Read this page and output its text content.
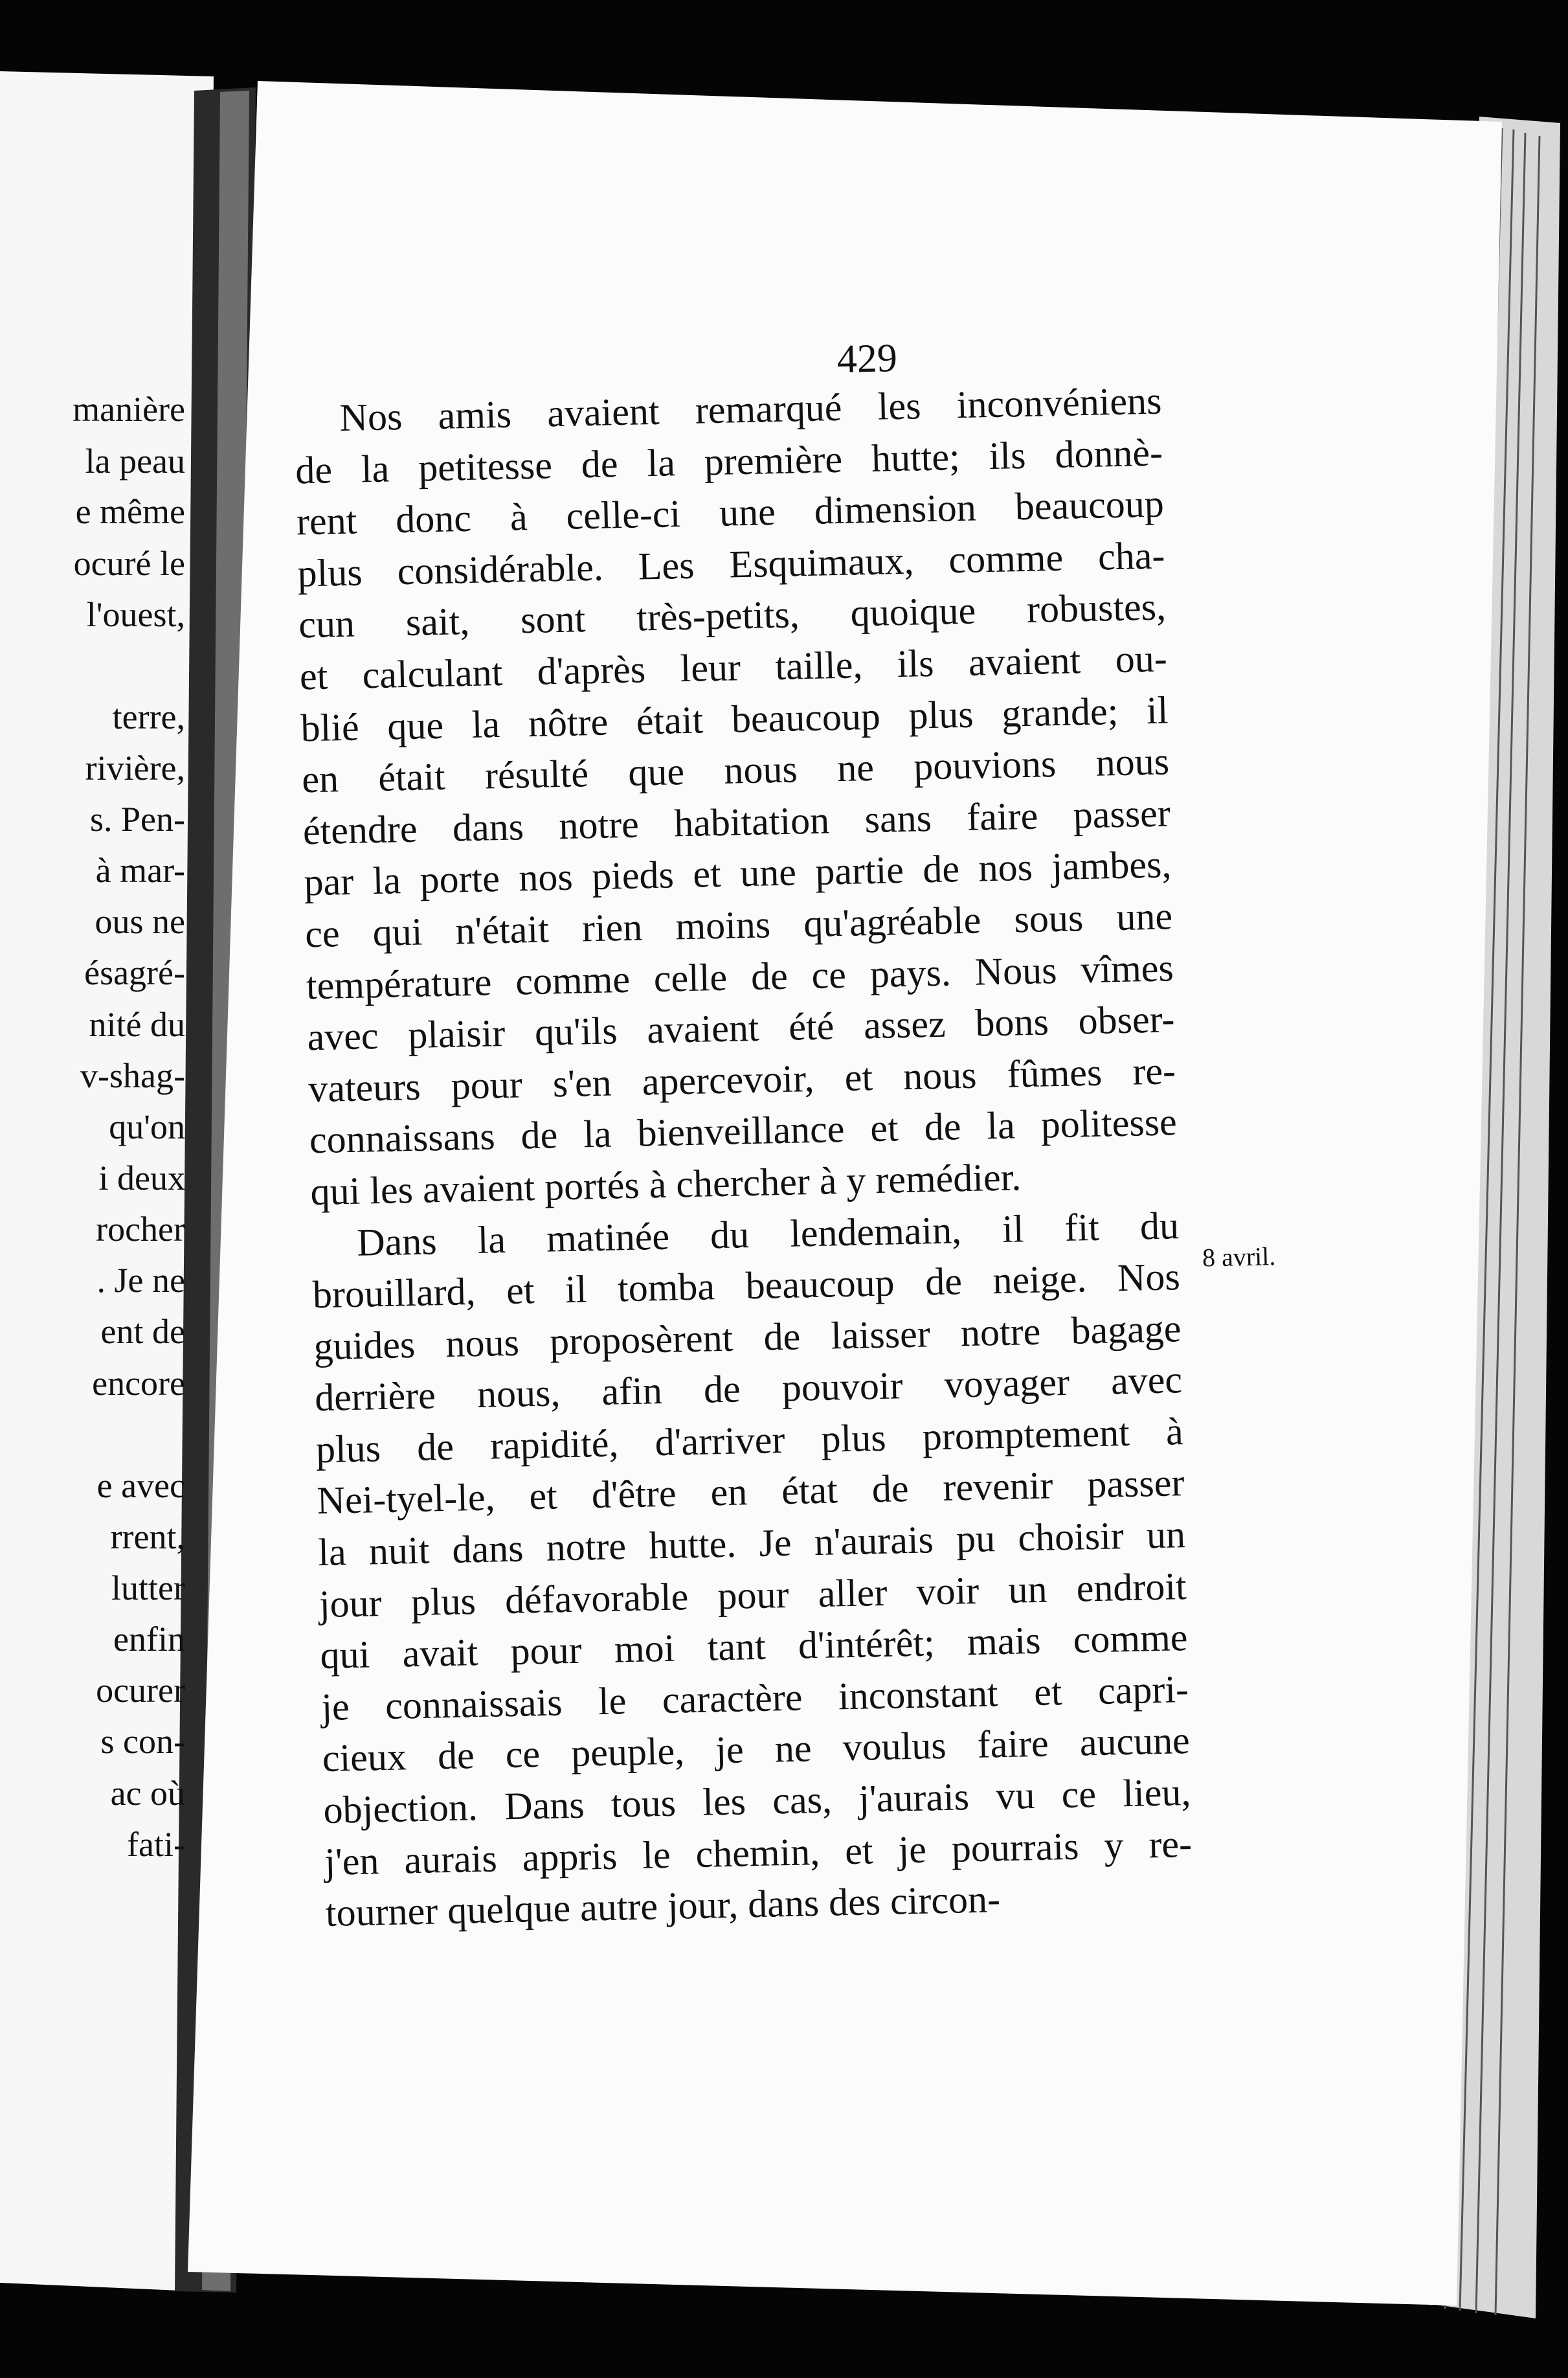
manière
la peau
e même
ocuré le
l'ouest,
terre,
rivière,
s. Pen-
à mar-
ous ne
ésagré-
nité du
v-shag-
qu'on
i deux
rocher
. Je ne
ent de
encore
e avec
rrent,
lutter
enfin
ocurer
s con-
ac où
fati-
429
Nos amis avaient remarqué les inconvéniens
de la petitesse de la première hutte; ils donnè-
rent donc à celle-ci une dimension beaucoup
plus considérable. Les Esquimaux, comme cha-
cun sait, sont très-petits, quoique robustes,
et calculant d'après leur taille, ils avaient ou-
blié que la nôtre était beaucoup plus grande; il
en était résulté que nous ne pouvions nous
étendre dans notre habitation sans faire passer
par la porte nos pieds et une partie de nos jambes,
ce qui n'était rien moins qu'agréable sous une
température comme celle de ce pays. Nous vîmes
avec plaisir qu'ils avaient été assez bons obser-
vateurs pour s'en apercevoir, et nous fûmes re-
connaissans de la bienveillance et de la politesse
qui les avaient portés à chercher à y remédier.
Dans la matinée du lendemain, il fit du
brouillard, et il tomba beaucoup de neige. Nos
guides nous proposèrent de laisser notre bagage
derrière nous, afin de pouvoir voyager avec
plus de rapidité, d'arriver plus promptement à
Nei-tyel-le, et d'être en état de revenir passer
la nuit dans notre hutte. Je n'aurais pu choisir un
jour plus défavorable pour aller voir un endroit
qui avait pour moi tant d'intérêt; mais comme
je connaissais le caractère inconstant et capri-
cieux de ce peuple, je ne voulus faire aucune
objection. Dans tous les cas, j'aurais vu ce lieu,
j'en aurais appris le chemin, et je pourrais y re-
tourner quelque autre jour, dans des circon-
8 avril.
